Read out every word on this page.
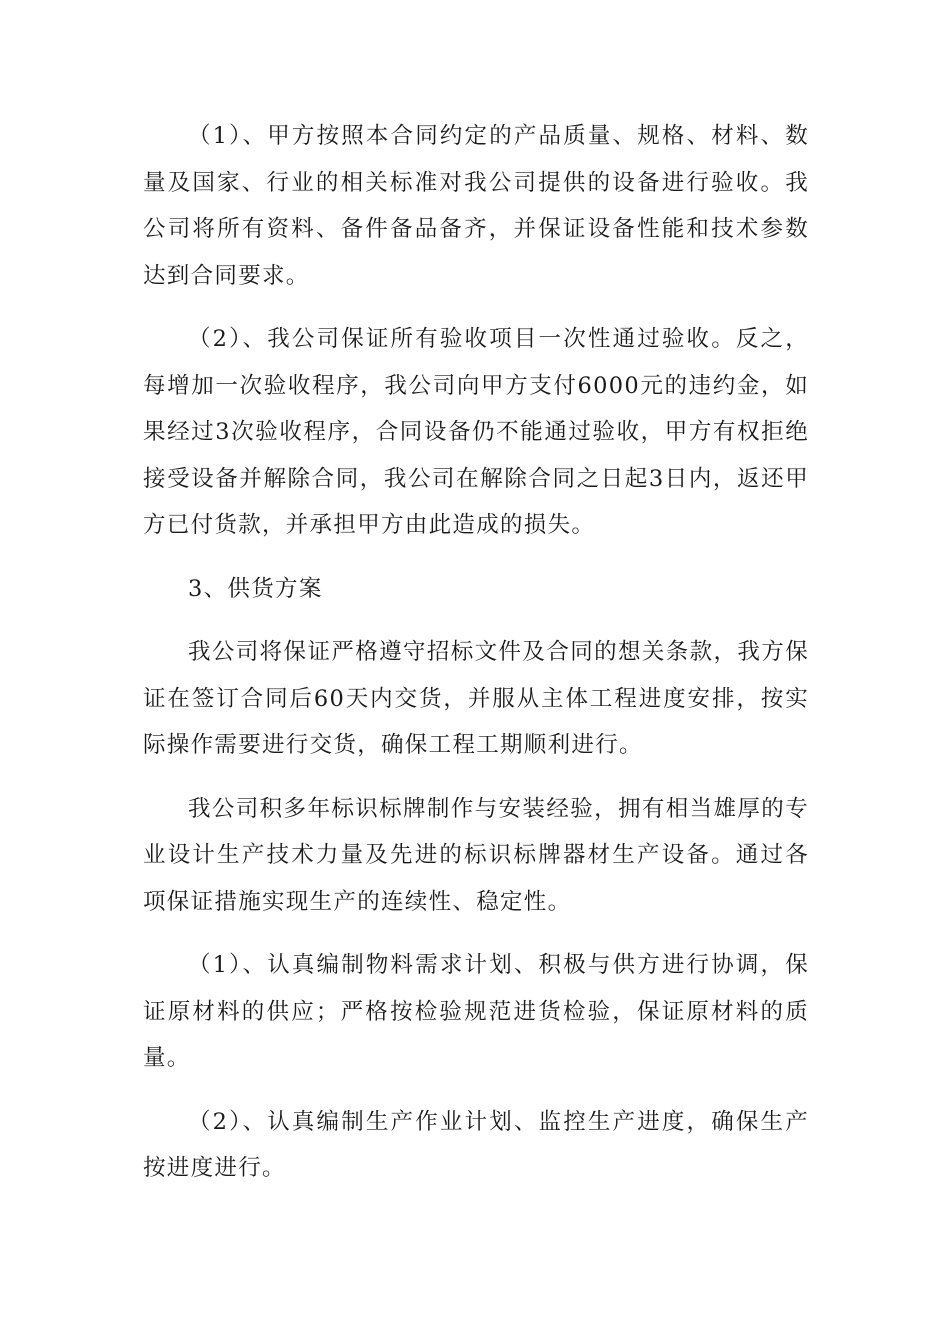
（1）、甲方按照本合同约定的产品质量、规格、材料、数量及国家、行业的相关标准对我公司提供的设备进行验收。我公司将所有资料、备件备品备齐，并保证设备性能和技术参数达到合同要求。

（2）、我公司保证所有验收项目一次性通过验收。反之，每增加一次验收程序，我公司向甲方支付6000元的违约金，如果经过3次验收程序，合同设备仍不能通过验收，甲方有权拒绝接受设备并解除合同，我公司在解除合同之日起3日内，返还甲方已付货款，并承担甲方由此造成的损失。

3、供货方案

我公司将保证严格遵守招标文件及合同的想关条款，我方保证在签订合同后60天内交货，并服从主体工程进度安排，按实际操作需要进行交货，确保工程工期顺利进行。

我公司积多年标识标牌制作与安装经验，拥有相当雄厚的专业设计生产技术力量及先进的标识标牌器材生产设备。通过各项保证措施实现生产的连续性、稳定性。

（1）、认真编制物料需求计划、积极与供方进行协调，保证原材料的供应；严格按检验规范进货检验，保证原材料的质量。

（2）、认真编制生产作业计划、监控生产进度，确保生产按进度进行。
